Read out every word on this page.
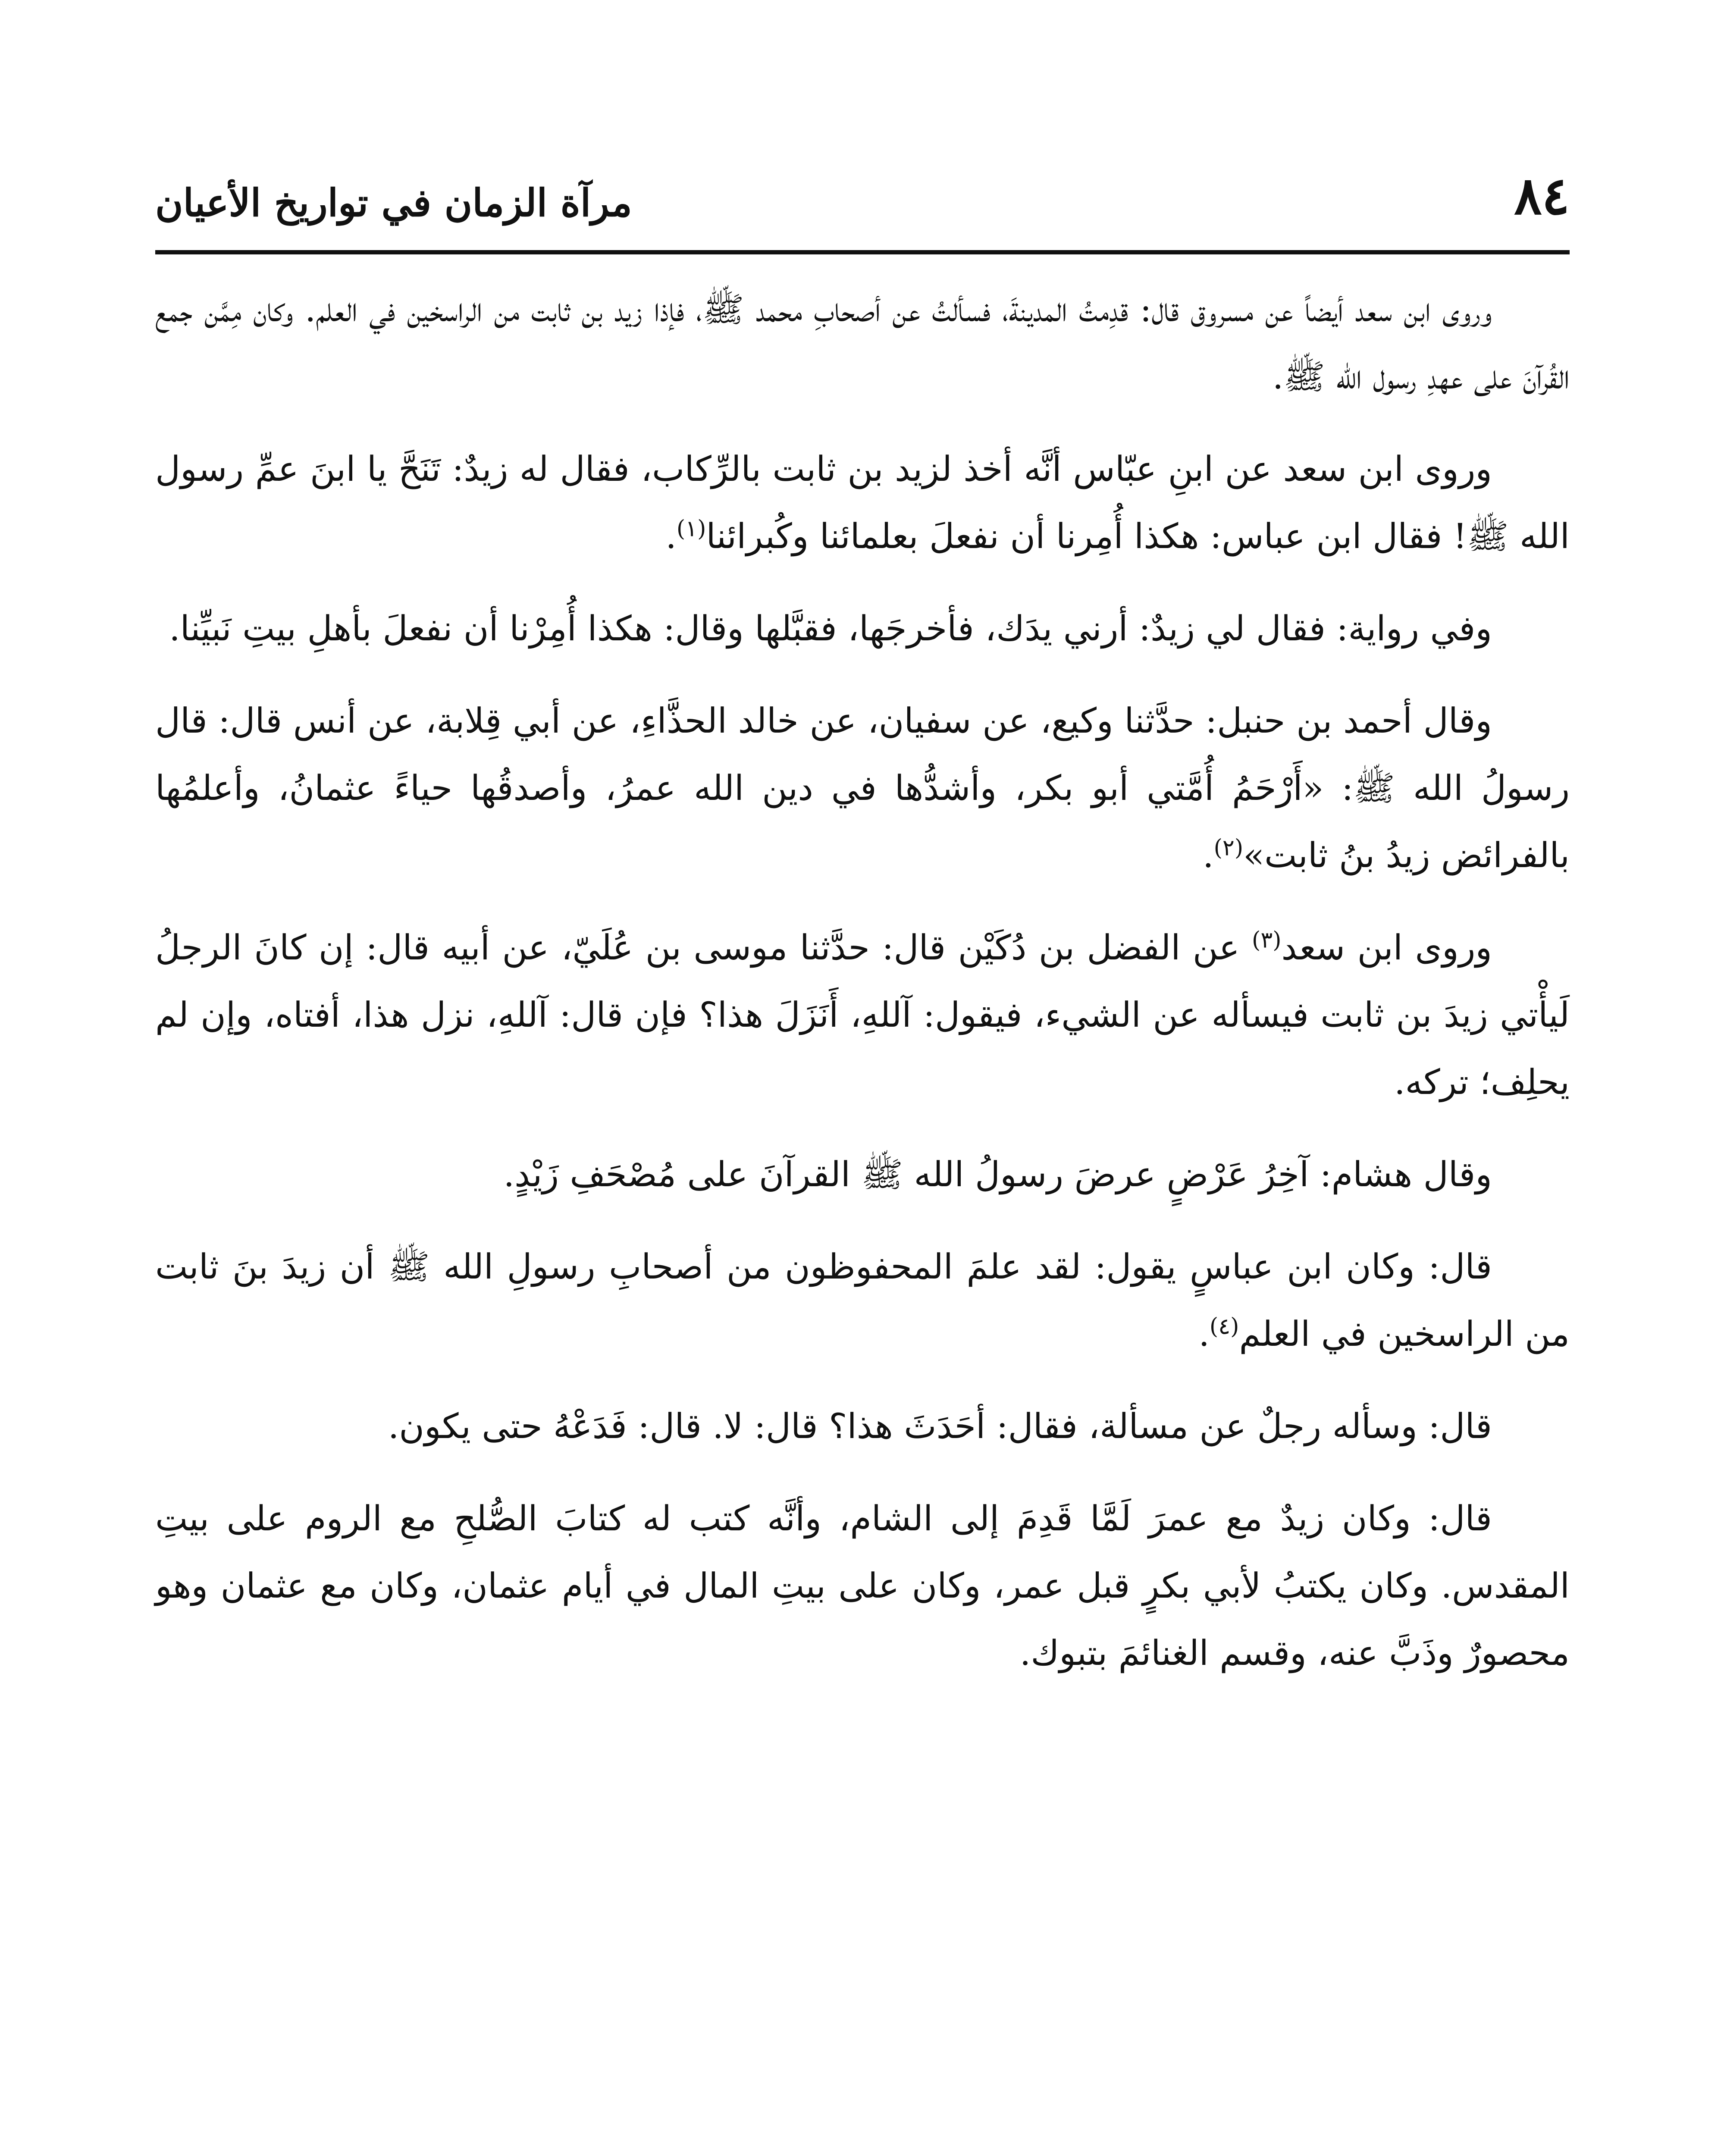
٨٤
مرآة الزمان في تواريخ الأعيان

وروى ابن سعد أيضاً عن مسروق قال: قدِمتُ المدينةَ، فسألتُ عن أصحابِ محمد ﷺ، فإذا زيد بن ثابت من الراسخين في العلم. وكان مِمَّن جمع القُرآنَ على عهدِ رسول الله ﷺ.

وروى ابن سعد عن ابنِ عبّاس أنَّه أخذ لزيد بن ثابت بالرِّكاب، فقال له زيدٌ: تَنَحَّ يا ابنَ عمِّ رسول الله ﷺ! فقال ابن عباس: هكذا أُمِرنا أن نفعلَ بعلمائنا وكُبرائنا$^{(١)}$.

وفي رواية: فقال لي زيدٌ: أرني يدَك، فأخرجَها، فقبَّلها وقال: هكذا أُمِرْنا أن نفعلَ بأهلِ بيتِ نَبيِّنا.

وقال أحمد بن حنبل: حدَّثنا وكيع، عن سفيان، عن خالد الحذَّاءِ، عن أبي قِلابة، عن أنس قال: قال رسولُ الله ﷺ: «أَرْحَمُ أُمَّتي أبو بكر، وأشدُّها في دين الله عمرُ، وأصدقُها حياءً عثمانُ، وأعلمُها بالفرائض زيدُ بنُ ثابت»$^{(٢)}$.

وروى ابن سعد$^{(٣)}$ عن الفضل بن دُكَيْن قال: حدَّثنا موسى بن عُلَيّ، عن أبيه قال: إن كانَ الرجلُ لَيأْتي زيدَ بن ثابت فيسأله عن الشيء، فيقول: آللهِ، أَنَزَلَ هذا؟ فإن قال: آللهِ، نزل هذا، أفتاه، وإن لم يحلِف؛ تركه.

وقال هشام: آخِرُ عَرْضٍ عرضَ رسولُ الله ﷺ القرآنَ على مُصْحَفِ زَيْدٍ.

قال: وكان ابن عباسٍ يقول: لقد علمَ المحفوظون من أصحابِ رسولِ الله ﷺ أن زيدَ بنَ ثابت من الراسخين في العلم$^{(٤)}$.

قال: وسأله رجلٌ عن مسألة، فقال: أحَدَثَ هذا؟ قال: لا. قال: فَدَعْهُ حتى يكون.

قال: وكان زيدٌ مع عمرَ لَمَّا قَدِمَ إلى الشام، وأنَّه كتب له كتابَ الصُّلحِ مع الروم على بيتِ المقدس. وكان يكتبُ لأبي بكرٍ قبل عمر، وكان على بيتِ المال في أيام عثمان، وكان مع عثمان وهو محصورٌ وذَبَّ عنه، وقسم الغنائمَ بتبوك.
